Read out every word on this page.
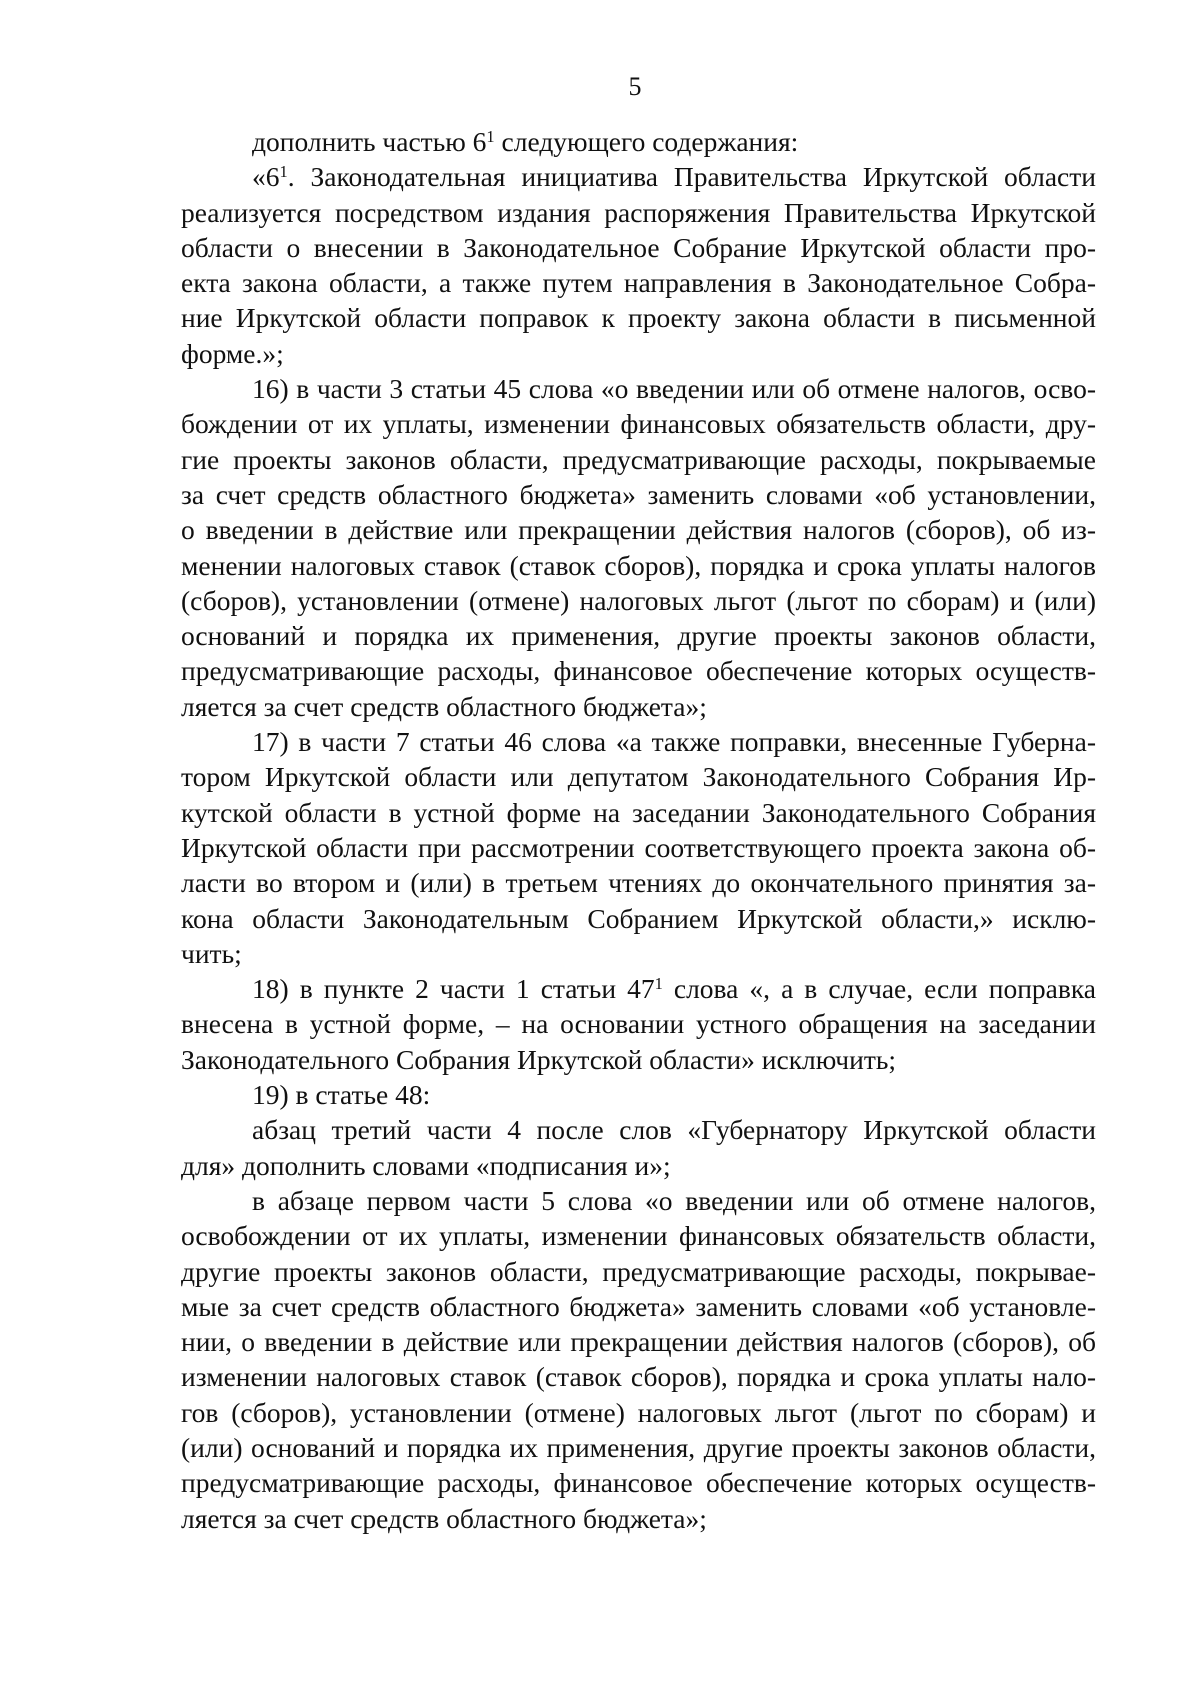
5
дополнить частью $6^1$ следующего содержания:
«$6^1$. Законодательная инициатива Правительства Иркутской области
реализуется посредством издания распоряжения Правительства Иркутской
области о внесении в Законодательное Собрание Иркутской области про-
екта закона области, а также путем направления в Законодательное Собра-
ние Иркутской области поправок к проекту закона области в письменной
форме.»;
16) в части 3 статьи 45 слова «о введении или об отмене налогов, осво-
бождении от их уплаты, изменении финансовых обязательств области, дру-
гие проекты законов области, предусматривающие расходы, покрываемые
за счет средств областного бюджета» заменить словами «об установлении,
о введении в действие или прекращении действия налогов (сборов), об из-
менении налоговых ставок (ставок сборов), порядка и срока уплаты налогов
(сборов), установлении (отмене) налоговых льгот (льгот по сборам) и (или)
оснований и порядка их применения, другие проекты законов области,
предусматривающие расходы, финансовое обеспечение которых осуществ-
ляется за счет средств областного бюджета»;
17) в части 7 статьи 46 слова «а также поправки, внесенные Губерна-
тором Иркутской области или депутатом Законодательного Собрания Ир-
кутской области в устной форме на заседании Законодательного Собрания
Иркутской области при рассмотрении соответствующего проекта закона об-
ласти во втором и (или) в третьем чтениях до окончательного принятия за-
кона области Законодательным Собранием Иркутской области,» исклю-
чить;
18) в пункте 2 части 1 статьи $47^1$ слова «, а в случае, если поправка
внесена в устной форме, – на основании устного обращения на заседании
Законодательного Собрания Иркутской области» исключить;
19) в статье 48:
абзац третий части 4 после слов «Губернатору Иркутской области
для» дополнить словами «подписания и»;
в абзаце первом части 5 слова «о введении или об отмене налогов,
освобождении от их уплаты, изменении финансовых обязательств области,
другие проекты законов области, предусматривающие расходы, покрывае-
мые за счет средств областного бюджета» заменить словами «об установле-
нии, о введении в действие или прекращении действия налогов (сборов), об
изменении налоговых ставок (ставок сборов), порядка и срока уплаты нало-
гов (сборов), установлении (отмене) налоговых льгот (льгот по сборам) и
(или) оснований и порядка их применения, другие проекты законов области,
предусматривающие расходы, финансовое обеспечение которых осуществ-
ляется за счет средств областного бюджета»;
